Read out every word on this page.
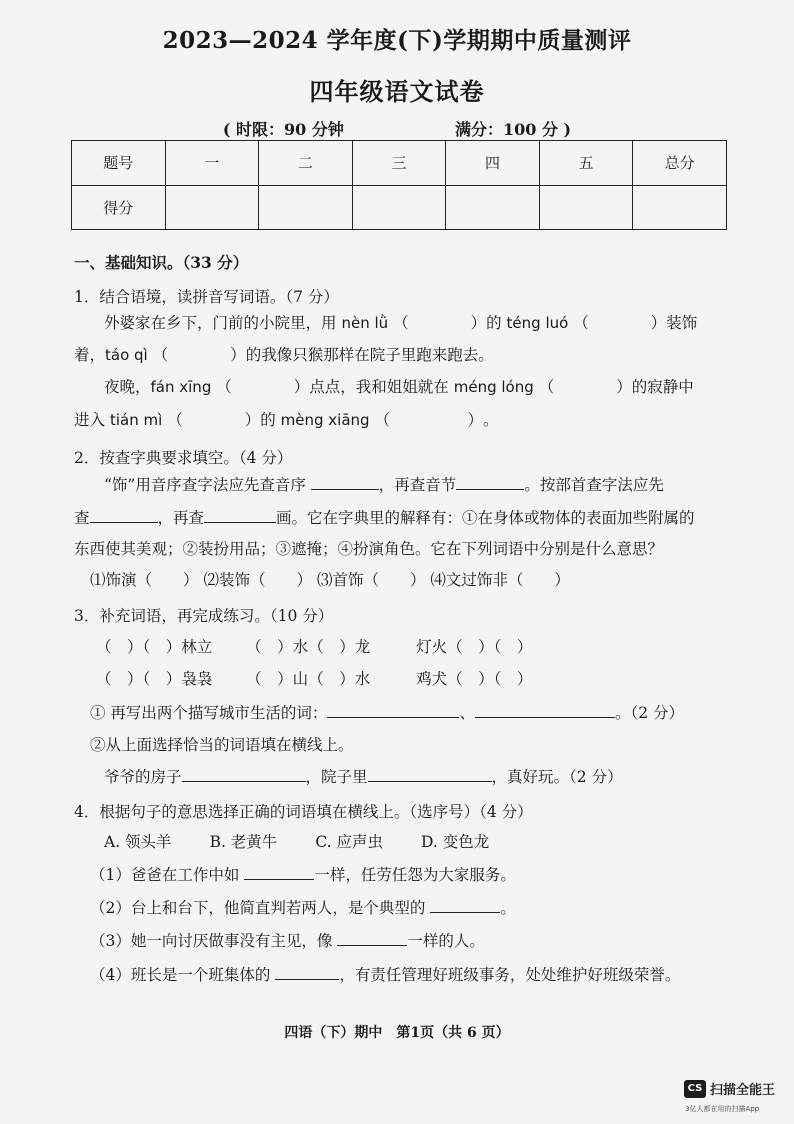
2023—2024 学年度(下)学期期中质量测评
四年级语文试卷
( 时限：90 分钟	满分：100 分 )
题号	一	二	三	四	五	总分
得分						
一、基础知识。（33 分）
1．结合语境，读拼音写词语。（7 分）
外婆家在乡下，门前的小院里，用 nèn lǜ （　　　　）的 téng luó （　　　　）装饰
着，táo qì （　　　　）的我像只猴那样在院子里跑来跑去。
夜晚，fán xīng （　　　　）点点，我和姐姐就在 méng lóng （　　　　）的寂静中
进入 tián mì （　　　　）的 mèng xiāng （　　　　　）。
2．按查字典要求填空。（4 分）
“饰”用音序查字法应先查音序	，再查音节	。按部首查字法应先
查	，再查	画。它在字典里的解释有：①在身体或物体的表面加些附属的
东西使其美观；②装扮用品；③遮掩；④扮演角色。它在下列词语中分别是什么意思？
⑴饰演（　　） ⑵装饰（　　） ⑶首饰（　　） ⑷文过饰非（　　）
3．补充词语，再完成练习。（10 分）
（　）（　）林立 （　）水（　）龙	灯火（　）（　）
（　）（　）袅袅 （　）山（　）水	鸡犬（　）（　）
① 再写出两个描写城市生活的词：	、	。（2 分）
②从上面选择恰当的词语填在横线上。
爷爷的房子	，院子里	，真好玩。（2 分）
4．根据句子的意思选择正确的词语填在横线上。（选序号）（4 分）
A. 领头羊 B. 老黄牛 C. 应声虫 D. 变色龙
（1）爸爸在工作中如	一样，任劳任怨为大家服务。
（2）台上和台下，他简直判若两人，是个典型的	。
（3）她一向讨厌做事没有主见，像	一样的人。
（4）班长是一个班集体的	，有责任管理好班级事务，处处维护好班级荣誉。
四语（下）期中　第1页（共 6 页）
CS 扫描全能王
3亿人都在用的扫描App
